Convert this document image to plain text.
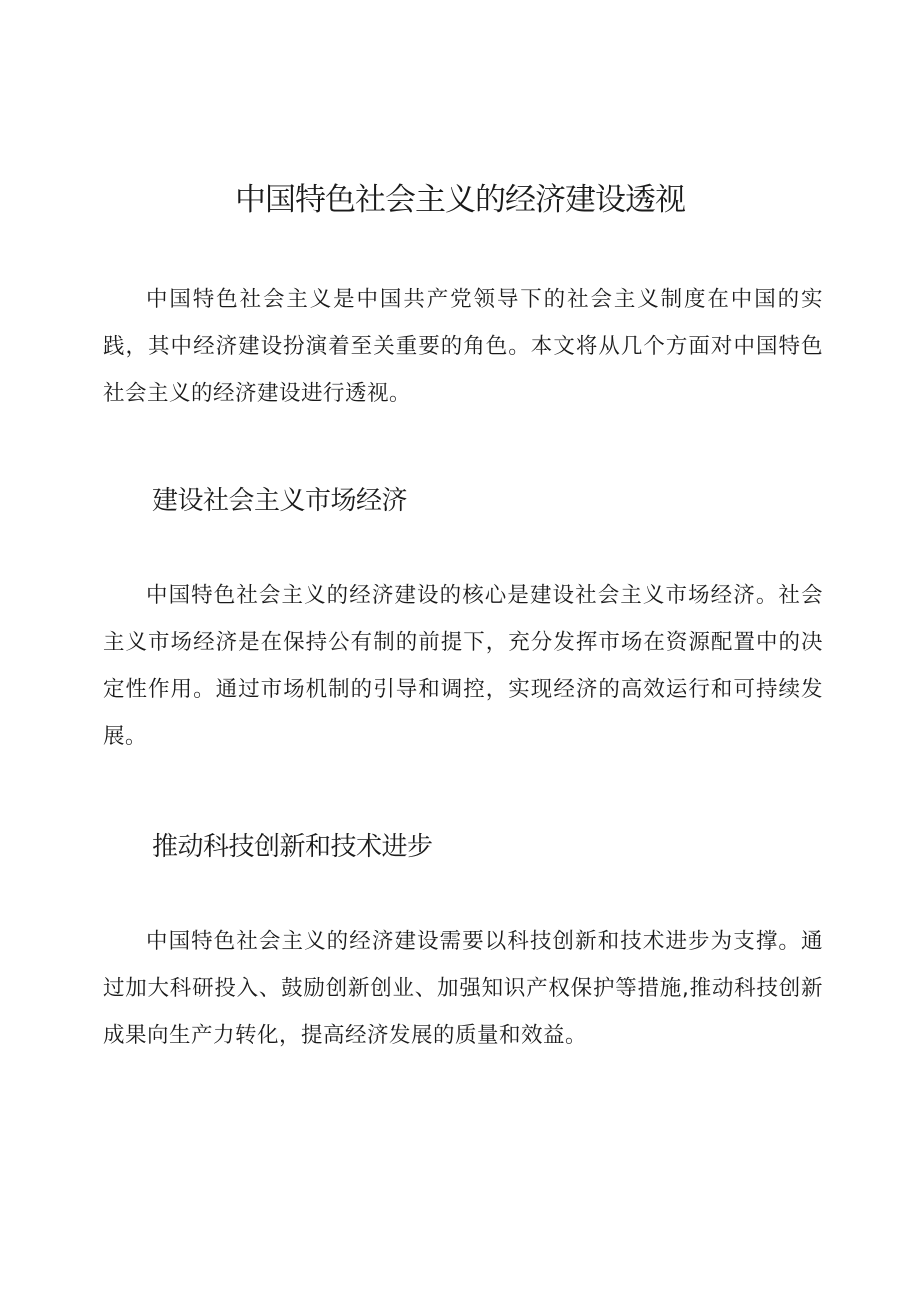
中国特色社会主义的经济建设透视

中国特色社会主义是中国共产党领导下的社会主义制度在中国的实践，其中经济建设扮演着至关重要的角色。本文将从几个方面对中国特色社会主义的经济建设进行透视。

建设社会主义市场经济

中国特色社会主义的经济建设的核心是建设社会主义市场经济。社会主义市场经济是在保持公有制的前提下，充分发挥市场在资源配置中的决定性作用。通过市场机制的引导和调控，实现经济的高效运行和可持续发展。

推动科技创新和技术进步

中国特色社会主义的经济建设需要以科技创新和技术进步为支撑。通过加大科研投入、鼓励创新创业、加强知识产权保护等措施,推动科技创新成果向生产力转化，提高经济发展的质量和效益。
